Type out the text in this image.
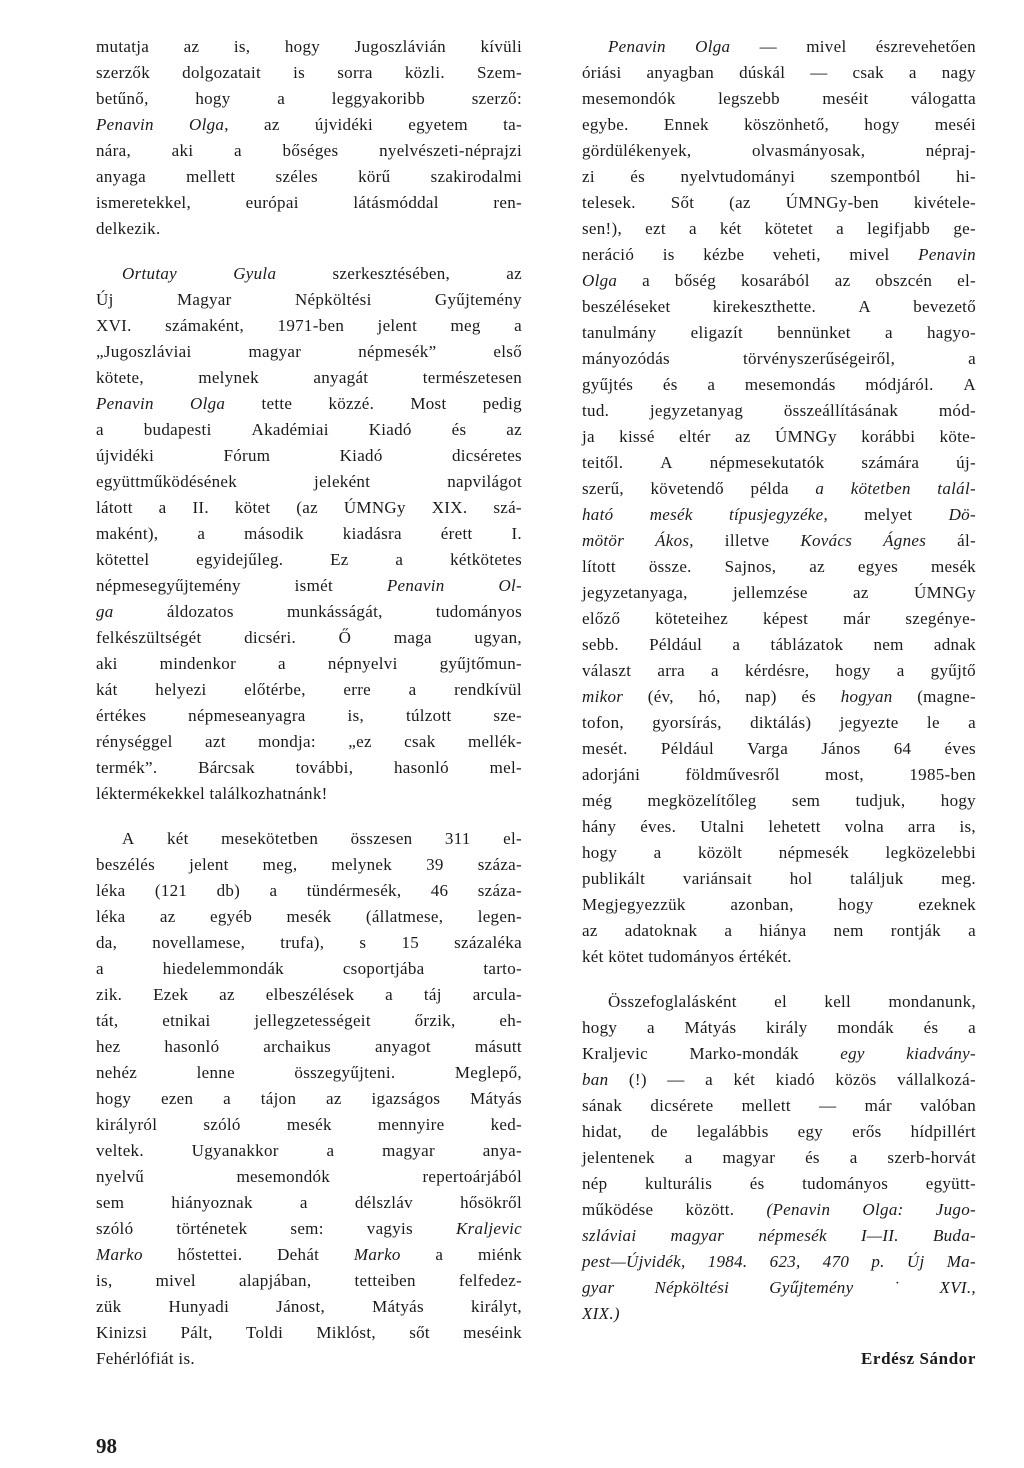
mutatja az is, hogy Jugoszlávián kívüli
szerzők dolgozatait is sorra közli. Szem-
betűnő,	hogy	a	leggyakoribb	szerző:
Penavin Olga, az újvidéki egyetem ta-
nára, aki a bőséges nyelvészeti-néprajzi
anyaga mellett széles körű szakirodalmi
ismeretekkel,	európai	látásmóddal	ren-
delkezik.
Ortutay	Gyula	szerkesztésében,	az
Új	Magyar	Népköltési	Gyűjtemény
XVI. számaként, 1971-ben jelent meg a
„Jugoszláviai	magyar	népmesék”	első
kötete,	melynek	anyagát	természetesen
Penavin Olga tette közzé. Most pedig
a budapesti Akadémiai Kiadó és az
újvidéki	Fórum	Kiadó	dicséretes
együttműködésének	jeleként	napvilágot
látott a II. kötet (az ÚMNGy XIX. szá-
maként), a második kiadásra érett I.
kötettel	egyidejűleg.	Ez	a	kétkötetes
népmesegyűjtemény	ismét	Penavin	Ol-
ga	áldozatos	munkásságát,	tudományos
felkészültségét	dicséri.	Ő	maga	ugyan,
aki mindenkor a népnyelvi gyűjtőmun-
kát helyezi előtérbe, erre a rendkívül
értékes népmeseanyagra is, túlzott sze-
rénységgel azt mondja: „ez csak mellék-
termék”. Bárcsak további, hasonló mel-
léktermékekkel találkozhatnánk!
A két mesekötetben összesen 311 el-
beszélés jelent meg, melynek 39 száza-
léka (121 db) a tündérmesék, 46 száza-
léka az egyéb mesék (állatmese, legen-
da, novellamese, trufa), s 15 százaléka
a	hiedelemmondák	csoportjába	tarto-
zik. Ezek az elbeszélések a táj arcula-
tát,	etnikai	jellegzetességeit	őrzik,	eh-
hez	hasonló	archaikus	anyagot	másutt
nehéz	lenne	összegyűjteni.	Meglepő,
hogy ezen a tájon az igazságos Mátyás
királyról	szóló	mesék	mennyire	ked-
veltek.	Ugyanakkor	a	magyar	anya-
nyelvű	mesemondók	repertoárjából
sem	hiányoznak	a	délszláv	hősökről
szóló	történetek	sem:	vagyis	Kraljevic
Marko hőstettei. Dehát Marko a miénk
is,	mivel	alapjában,	tetteiben	felfedez-
zük	Hunyadi	Jánost,	Mátyás	királyt,
Kinizsi Pált, Toldi Miklóst, sőt meséink
Fehérlófiát is.
Penavin Olga — mivel észrevehetően
óriási anyagban dúskál — csak a nagy
mesemondók legszebb meséit válogatta
egybe. Ennek köszönhető, hogy meséi
gördülékenyek,	olvasmányosak,	népraj-
zi és nyelvtudományi szempontból hi-
telesek. Sőt (az ÚMNGy-ben kivétele-
sen!), ezt a két kötetet a legifjabb ge-
neráció is kézbe veheti, mivel Penavin
Olga a bőség kosarából az obszcén el-
beszéléseket kirekeszthette. A bevezető
tanulmány eligazít bennünket a hagyo-
mányozódás	törvényszerűségeiről,	a
gyűjtés és a mesemondás módjáról. A
tud. jegyzetanyag összeállításának mód-
ja kissé eltér az ÚMNGy korábbi köte-
teitől. A népmesekutatók számára új-
szerű, követendő példa a kötetben talál-
ható mesék típusjegyzéke, melyet Dö-
mötör Ákos, illetve Kovács Ágnes ál-
lított össze. Sajnos, az egyes mesék
jegyzetanyaga,	jellemzése	az	ÚMNGy
előző köteteihez képest már szegénye-
sebb. Például a táblázatok nem adnak
választ arra a kérdésre, hogy a gyűjtő
mikor (év, hó, nap) és hogyan (magne-
tofon, gyorsírás, diktálás) jegyezte le a
mesét. Például Varga János 64 éves
adorjáni	földművesről	most,	1985-ben
még megközelítőleg sem tudjuk, hogy
hány éves. Utalni lehetett volna arra is,
hogy a közölt népmesék legközelebbi
publikált variánsait hol találjuk meg.
Megjegyezzük	azonban,	hogy	ezeknek
az adatoknak a hiánya nem rontják a
két kötet tudományos értékét.
Összefoglalásként el kell mondanunk,
hogy a Mátyás király mondák és a
Kraljevic Marko-mondák egy kiadvány-
ban (!) — a két kiadó közös vállalkozá-
sának dicsérete mellett — már valóban
hidat, de legalábbis egy erős hídpillért
jelentenek a magyar és a szerb-horvát
nép kulturális és tudományos együtt-
működése között. (Penavin Olga: Jugo-
szláviai magyar népmesék I—II. Buda-
pest—Újvidék, 1984. 623, 470 p. Új Ma-
gyar Népköltési Gyűjtemény ˙ XVI.,
XIX.)
Erdész Sándor
98
